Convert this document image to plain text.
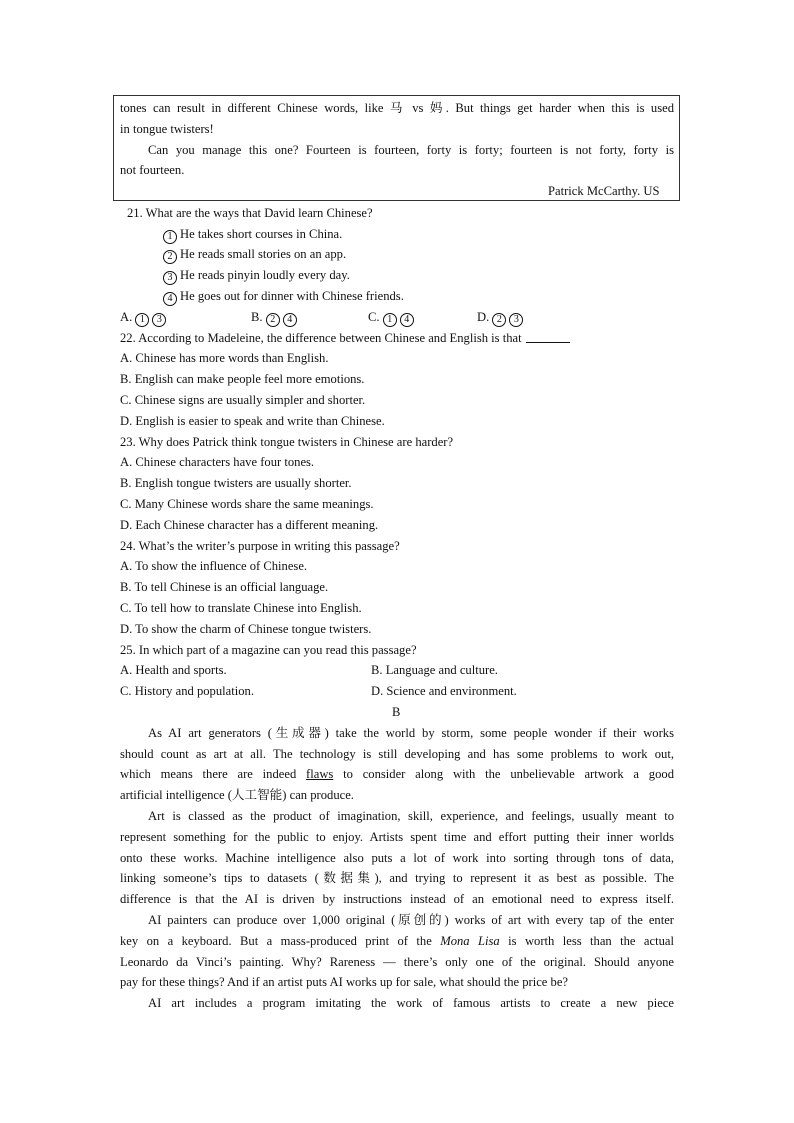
tones can result in different Chinese words, like 马 vs 妈. But things get harder when this is used
in tongue twisters!
Can you manage this one? Fourteen is fourteen, forty is forty; fourteen is not forty, forty is
not fourteen.
Patrick McCarthy. US
21. What are the ways that David learn Chinese?
1 He takes short courses in China.
2 He reads small stories on an app.
3 He reads pinyin loudly every day.
4 He goes out for dinner with Chinese friends.
A. 1 3	B. 2 4	C. 1 4	D. 2 3
22. According to Madeleine, the difference between Chinese and English is that
A. Chinese has more words than English.
B. English can make people feel more emotions.
C. Chinese signs are usually simpler and shorter.
D. English is easier to speak and write than Chinese.
23. Why does Patrick think tongue twisters in Chinese are harder?
A. Chinese characters have four tones.
B. English tongue twisters are usually shorter.
C. Many Chinese words share the same meanings.
D. Each Chinese character has a different meaning.
24. What’s the writer’s purpose in writing this passage?
A. To show the influence of Chinese.
B. To tell Chinese is an official language.
C. To tell how to translate Chinese into English.
D. To show the charm of Chinese tongue twisters.
25. In which part of a magazine can you read this passage?
A. Health and sports.	B. Language and culture.
C. History and population.	D. Science and environment.
B
As AI art generators (生成器) take the world by storm, some people wonder if their works
should count as art at all. The technology is still developing and has some problems to work out,
which means there are indeed flaws to consider along with the unbelievable artwork a good
artificial intelligence (人工智能) can produce.
Art is classed as the product of imagination, skill, experience, and feelings, usually meant to
represent something for the public to enjoy. Artists spent time and effort putting their inner worlds
onto these works. Machine intelligence also puts a lot of work into sorting through tons of data,
linking someone’s tips to datasets (数据集), and trying to represent it as best as possible. The
difference is that the AI is driven by instructions instead of an emotional need to express itself.
AI painters can produce over 1,000 original (原创的) works of art with every tap of the enter
key on a keyboard. But a mass-produced print of the Mona Lisa is worth less than the actual
Leonardo da Vinci’s painting. Why? Rareness — there’s only one of the original. Should anyone
pay for these things? And if an artist puts AI works up for sale, what should the price be?
AI art includes a program imitating the work of famous artists to create a new piece
